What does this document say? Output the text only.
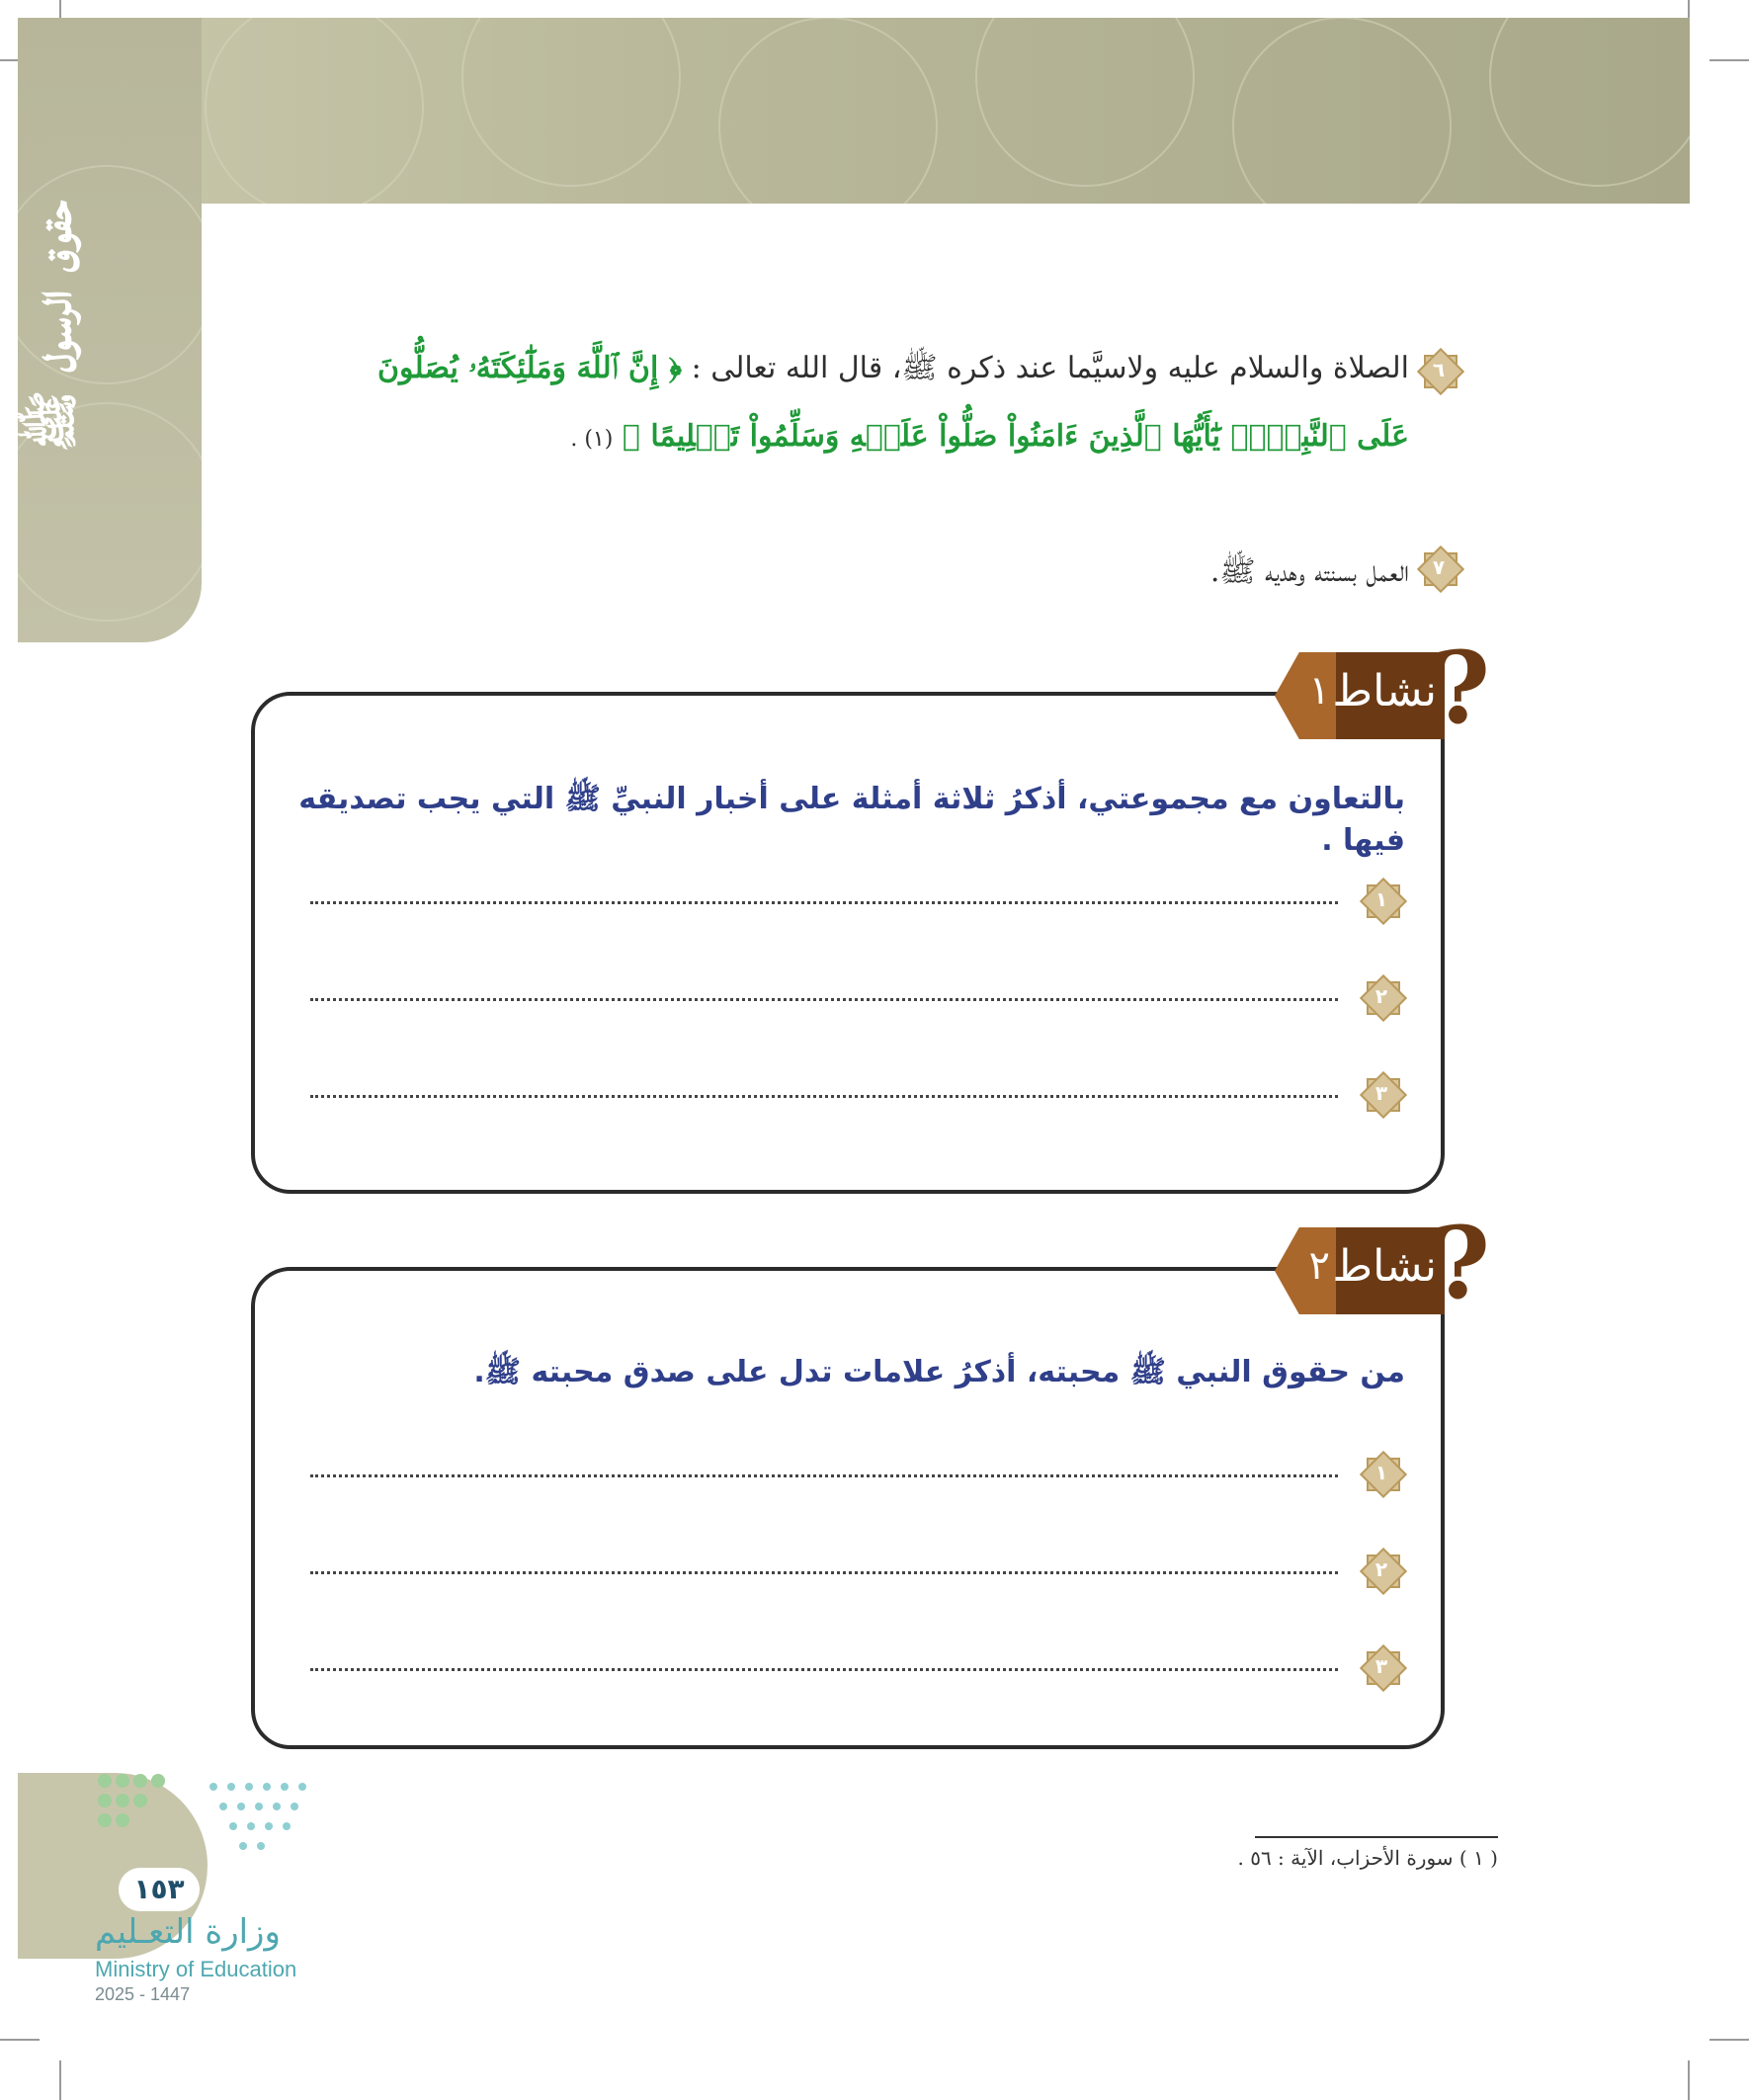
حقوق الرسول ﷺ	٦
الصلاة والسلام عليه ولاسيَّما عند ذكره ﷺ، قال الله تعالى : ﴿ إِنَّ ٱللَّهَ وَمَلَٰٓئِكَتَهُۥ يُصَلُّونَ
عَلَى ٱلنَّبِيِّۚ يَٰٓأَيُّهَا ٱلَّذِينَ ءَامَنُواْ صَلُّواْ عَلَيۡهِ وَسَلِّمُواْ تَسۡلِيمًا ﴾ (١) .
٧
العمل بسنته وهديه ﷺ.
بالتعاون مع مجموعتي، أذكرُ ثلاثة أمثلة على أخبار النبيِّ ﷺ التي يجب تصديقه فيها .
١
٢
٣
١ نشاط
?
من حقوق النبي ﷺ محبته، أذكرُ علامات تدل على صدق محبته ﷺ.
١
٢
٣
٢ نشاط
?
( ١ ) سورة الأحزاب، الآية : ٥٦ .
١٥٣
وزارة التعـليم
Ministry of Education
2025 - 1447
